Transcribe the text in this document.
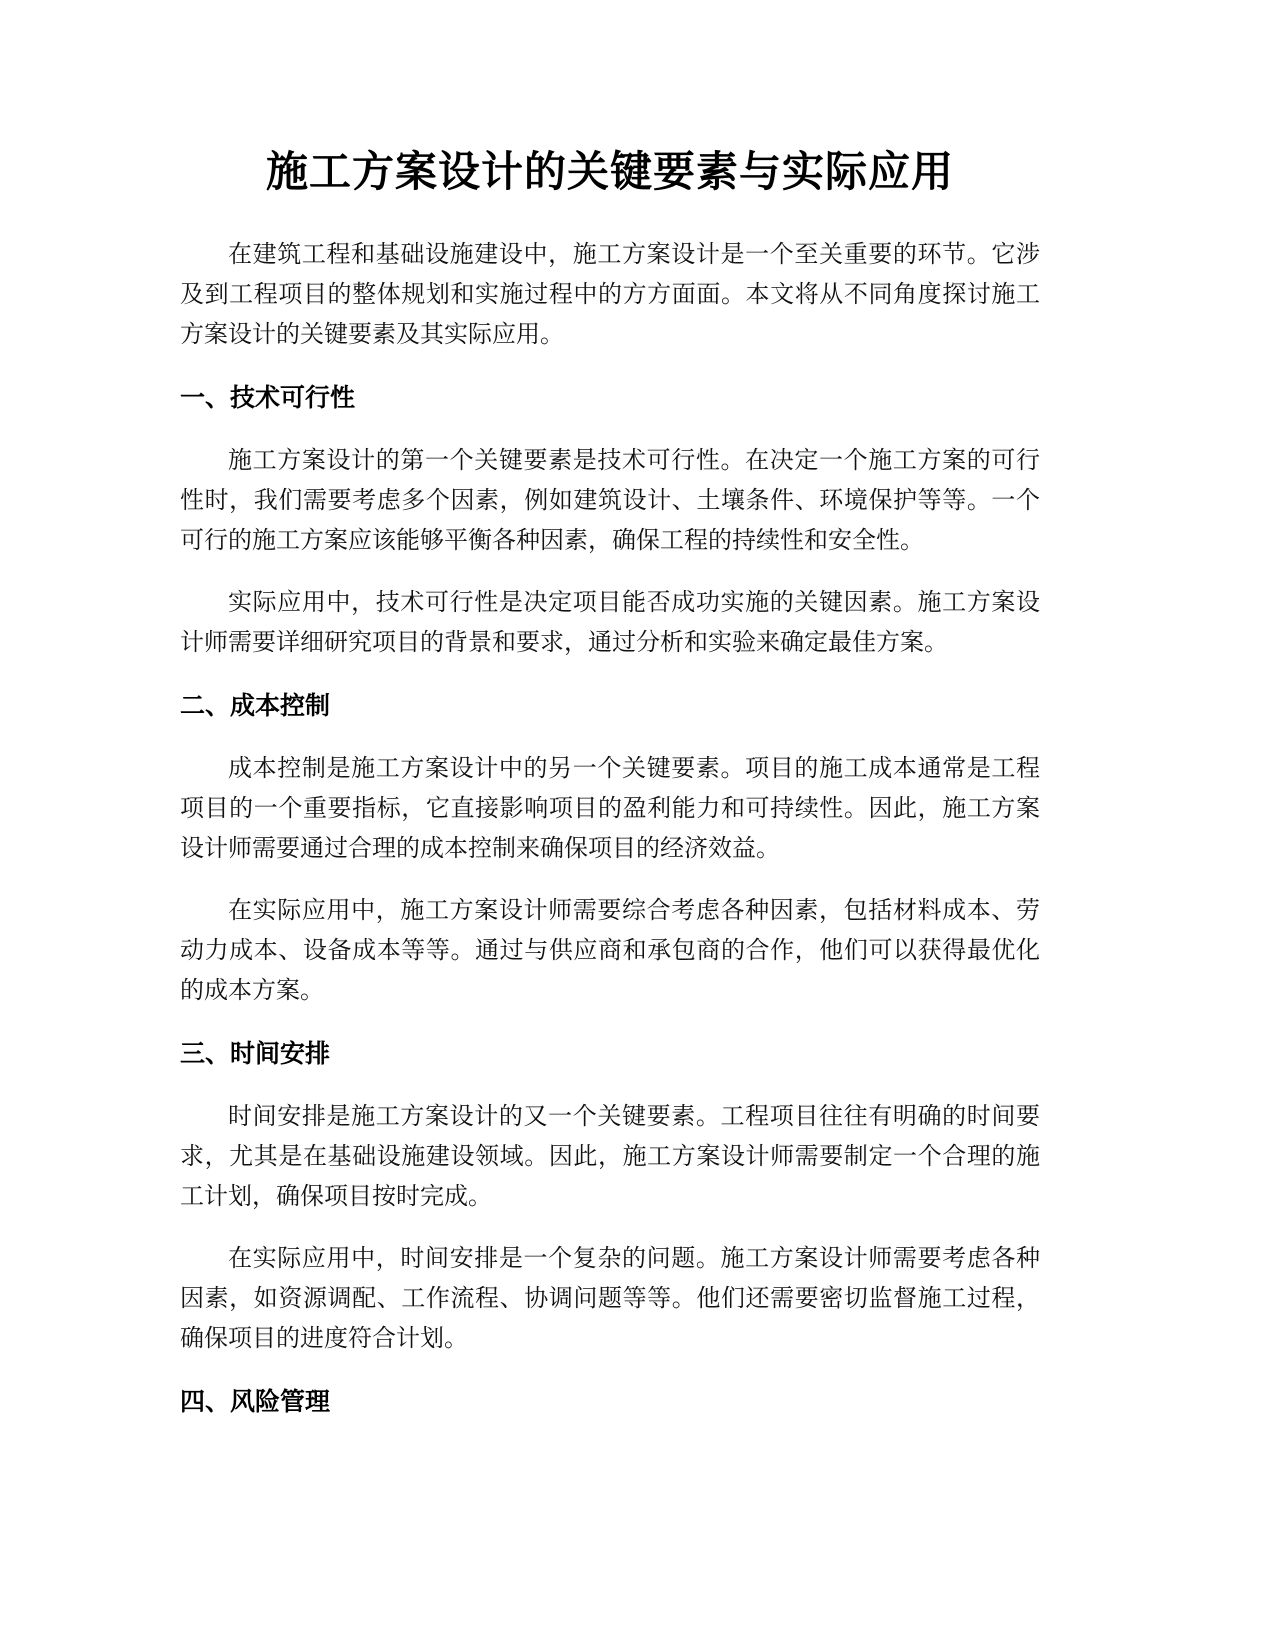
施工方案设计的关键要素与实际应用

在建筑工程和基础设施建设中，施工方案设计是一个至关重要的环节。它涉及到工程项目的整体规划和实施过程中的方方面面。本文将从不同角度探讨施工方案设计的关键要素及其实际应用。

一、技术可行性

施工方案设计的第一个关键要素是技术可行性。在决定一个施工方案的可行性时，我们需要考虑多个因素，例如建筑设计、土壤条件、环境保护等等。一个可行的施工方案应该能够平衡各种因素，确保工程的持续性和安全性。

实际应用中，技术可行性是决定项目能否成功实施的关键因素。施工方案设计师需要详细研究项目的背景和要求，通过分析和实验来确定最佳方案。

二、成本控制

成本控制是施工方案设计中的另一个关键要素。项目的施工成本通常是工程项目的一个重要指标，它直接影响项目的盈利能力和可持续性。因此，施工方案设计师需要通过合理的成本控制来确保项目的经济效益。

在实际应用中，施工方案设计师需要综合考虑各种因素，包括材料成本、劳动力成本、设备成本等等。通过与供应商和承包商的合作，他们可以获得最优化的成本方案。

三、时间安排

时间安排是施工方案设计的又一个关键要素。工程项目往往有明确的时间要求，尤其是在基础设施建设领域。因此，施工方案设计师需要制定一个合理的施工计划，确保项目按时完成。

在实际应用中，时间安排是一个复杂的问题。施工方案设计师需要考虑各种因素，如资源调配、工作流程、协调问题等等。他们还需要密切监督施工过程，确保项目的进度符合计划。

四、风险管理
